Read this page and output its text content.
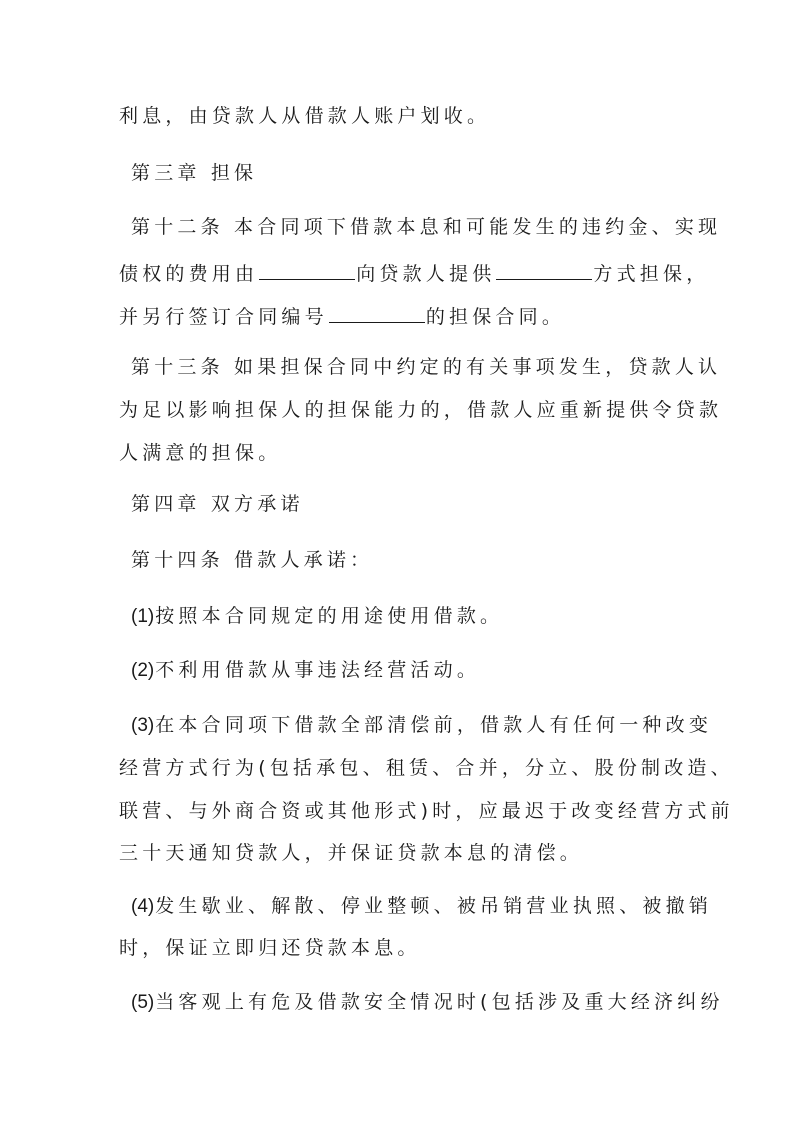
利息，由贷款人从借款人账户划收。
第三章 担保
第十二条 本合同项下借款本息和可能发生的违约金、实现
债权的费用由	向贷款人提供	方式担保，
并另行签订合同编号	的担保合同。
第十三条 如果担保合同中约定的有关事项发生，贷款人认
为足以影响担保人的担保能力的，借款人应重新提供令贷款
人满意的担保。
第四章 双方承诺
第十四条 借款人承诺：
(1)按照本合同规定的用途使用借款。
(2)不利用借款从事违法经营活动。
(3)在本合同项下借款全部清偿前，借款人有任何一种改变
经营方式行为(包括承包、租赁、合并，分立、股份制改造、
联营、与外商合资或其他形式)时，应最迟于改变经营方式前
三十天通知贷款人，并保证贷款本息的清偿。
(4)发生歇业、解散、停业整顿、被吊销营业执照、被撤销
时，保证立即归还贷款本息。
(5)当客观上有危及借款安全情况时(包括涉及重大经济纠纷
